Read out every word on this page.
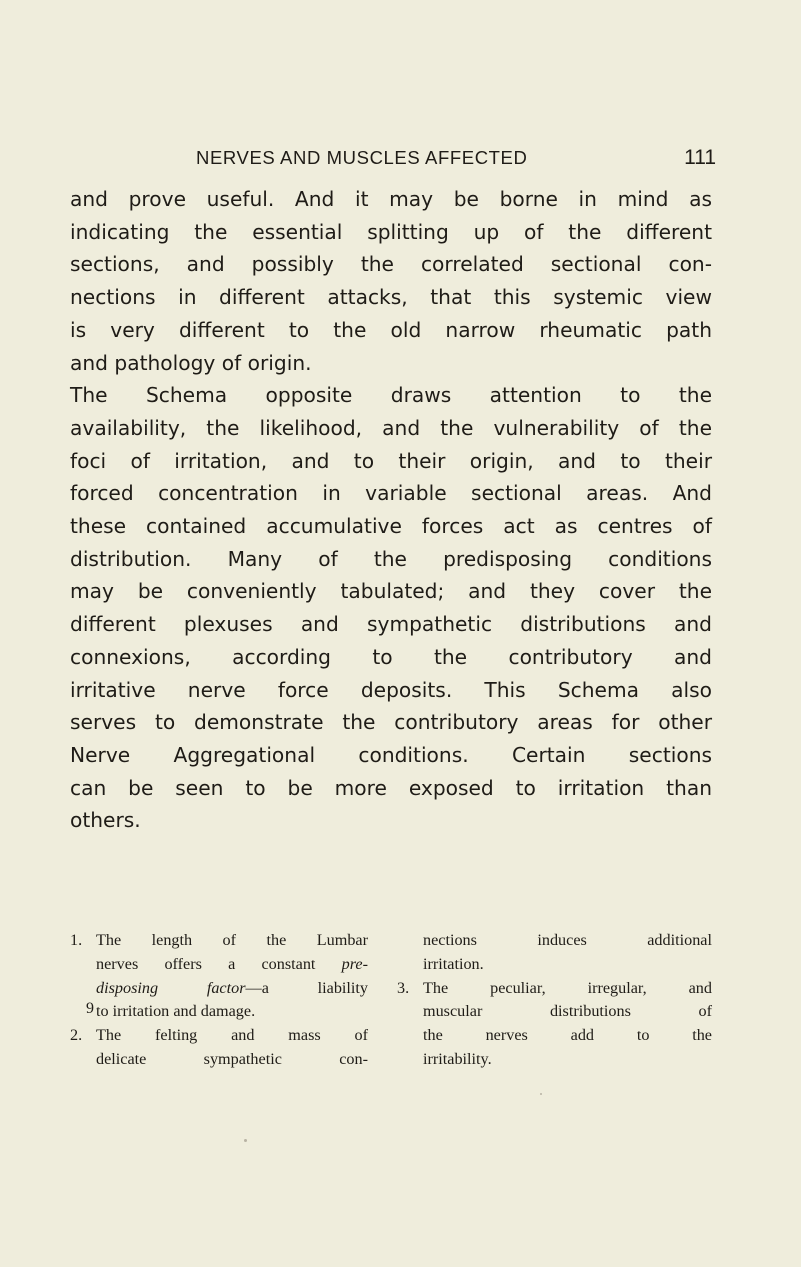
NERVES AND MUSCLES AFFECTED	111
and prove useful. And it may be borne in mind as
indicating the essential splitting up of the different
sections, and possibly the correlated sectional con-
nections in different attacks, that this systemic view
is very different to the old narrow rheumatic path
and pathology of origin.
The Schema opposite draws attention to the
availability, the likelihood, and the vulnerability of the
foci of irritation, and to their origin, and to their
forced concentration in variable sectional areas. And
these contained accumulative forces act as centres of
distribution. Many of the predisposing conditions
may be conveniently tabulated; and they cover the
different plexuses and sympathetic distributions and
connexions, according to the contributory and
irritative nerve force deposits. This Schema also
serves to demonstrate the contributory areas for other
Nerve Aggregational conditions. Certain sections
can be seen to be more exposed to irritation than
others.
1. The length of the Lumbar
nerves offers a constant pre-
disposing factor—a liability
to irritation and damage.
2. The felting and mass of
delicate sympathetic con-
nections induces additional
irritation.
3. The peculiar, irregular, and
muscular distributions of
the nerves add to the
irritability.
9
